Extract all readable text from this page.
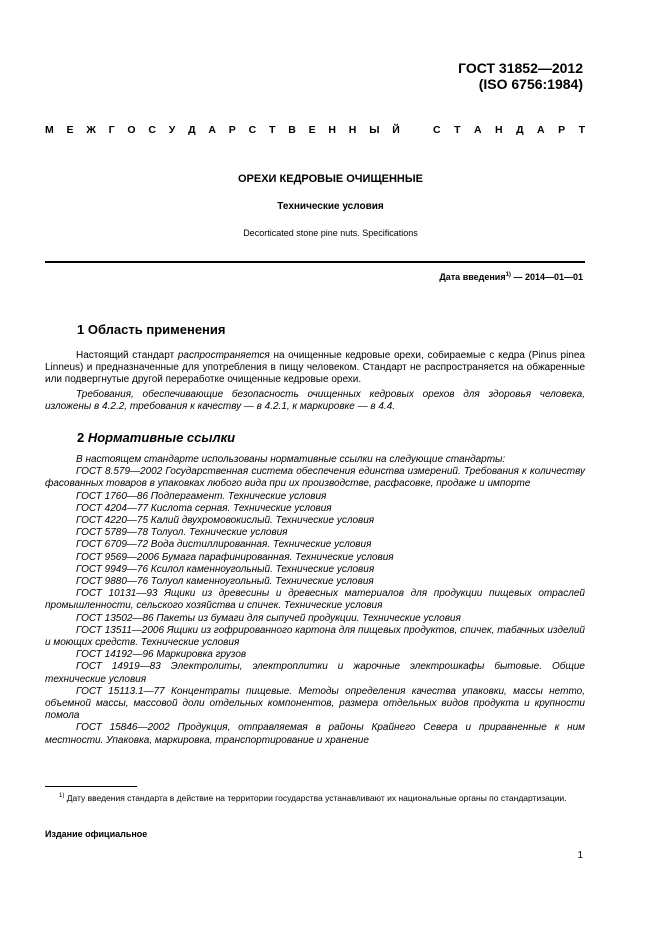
ГОСТ 31852—2012
(ISO 6756:1984)
М Е Ж Г О С У Д А Р С Т В Е Н Н Ы Й	С Т А Н Д А Р Т
ОРЕХИ КЕДРОВЫЕ ОЧИЩЕННЫЕ
Технические условия
Decorticated stone pine nuts. Specifications
Дата введения$^{1)}$ — 2014—01—01
1 Область применения
Настоящий стандарт распространяется на очищенные кедровые орехи, собираемые с кедра (Pinus pinea Linneus) и предназначенные для употребления в пищу человеком. Стандарт не распространяется на обжаренные или подвергнутые другой переработке очищенные кедровые орехи.
Требования, обеспечивающие безопасность очищенных кедровых орехов для здоровья человека, изложены в 4.2.2, требования к качеству — в 4.2.1, к маркировке — в 4.4.
2 Нормативные ссылки
В настоящем стандарте использованы нормативные ссылки на следующие стандарты:
ГОСТ 8.579—2002 Государственная система обеспечения единства измерений. Требования к количеству фасованных товаров в упаковках любого вида при их производстве, расфасовке, продаже и импорте
ГОСТ 1760—86 Подпергамент. Технические условия
ГОСТ 4204—77 Кислота серная. Технические условия
ГОСТ 4220—75 Калий двухромовокислый. Технические условия
ГОСТ 5789—78 Толуол. Технические условия
ГОСТ 6709—72 Вода дистиллированная. Технические условия
ГОСТ 9569—2006 Бумага парафинированная. Технические условия
ГОСТ 9949—76 Ксилол каменноугольный. Технические условия
ГОСТ 9880—76 Толуол каменноугольный. Технические условия
ГОСТ 10131—93 Ящики из древесины и древесных материалов для продукции пищевых отраслей промышленности, сельского хозяйства и спичек. Технические условия
ГОСТ 13502—86 Пакеты из бумаги для сыпучей продукции. Технические условия
ГОСТ 13511—2006 Ящики из гофрированного картона для пищевых продуктов, спичек, табачных изделий и моющих средств. Технические условия
ГОСТ 14192—96 Маркировка грузов
ГОСТ 14919—83 Электролиты, электроплитки и жарочные электрошкафы бытовые. Общие технические условия
ГОСТ 15113.1—77 Концентраты пищевые. Методы определения качества упаковки, массы нетто, объемной массы, массовой доли отдельных компонентов, размера отдельных видов продукта и крупности помола
ГОСТ 15846—2002 Продукция, отправляемая в районы Крайнего Севера и приравненные к ним местности. Упаковка, маркировка, транспортирование и хранение
$^{1)}$ Дату введения стандарта в действие на территории государства устанавливают их национальные органы по стандартизации.
Издание официальное
1
